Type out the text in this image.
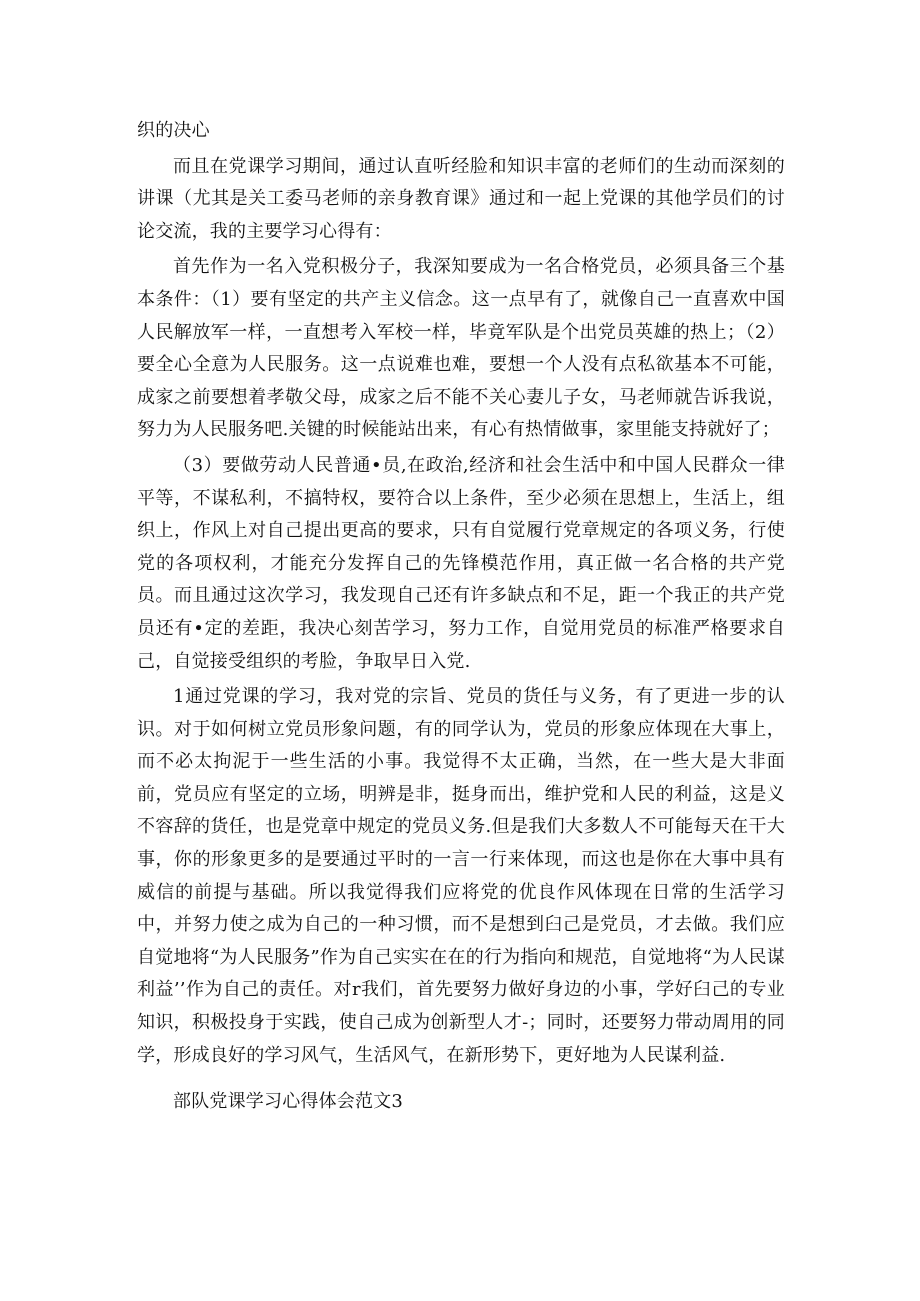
织的决心

而且在党课学习期间，通过认直听经脸和知识丰富的老师们的生动而深刻的讲课（尤其是关工委马老师的亲身教育课》通过和一起上党课的其他学员们的讨论交流，我的主要学习心得有：

首先作为一名入党积极分子，我深知要成为一名合格党员，必须具备三个基本条件：（1）要有坚定的共产主义信念。这一点早有了，就像自己一直喜欢中国人民解放军一样，一直想考入军校一样，毕竟军队是个出党员英雄的热上；（2）要全心全意为人民服务。这一点说难也难，要想一个人没有点私欲基本不可能，成家之前要想着孝敬父母，成家之后不能不关心妻儿子女，马老师就告诉我说，努力为人民服务吧.关键的时候能站出来，有心有热情做事，家里能支持就好了；

（3）要做劳动人民普通•员,在政治,经济和社会生活中和中国人民群众一律平等，不谋私利，不搞特权，要符合以上条件，至少必须在思想上，生活上，组织上，作风上对自己提出更高的要求，只有自觉履行党章规定的各项义务，行使党的各项权利，才能充分发挥自己的先锋模范作用，真正做一名合格的共产党员。而且通过这次学习，我发现自己还有许多缺点和不足，距一个我正的共产党员还有•定的差距，我决心刻苦学习，努力工作，自觉用党员的标准严格要求自己，自觉接受组织的考脸，争取早日入党.

1通过党课的学习，我对党的宗旨、党员的货任与义务，有了更进一步的认识。对于如何树立党员形象问题，有的同学认为，党员的形象应体现在大事上，而不必太拘泥于一些生活的小事。我觉得不太正确，当然，在一些大是大非面前，党员应有坚定的立场，明辨是非，挺身而出，维护党和人民的利益，这是义不容辞的货任，也是党章中规定的党员义务.但是我们大多数人不可能每天在干大事，你的形象更多的是要通过平时的一言一行来体现，而这也是你在大事中具有威信的前提与基础。所以我觉得我们应将党的优良作风体现在日常的生活学习中，并努力使之成为自己的一种习惯，而不是想到臼己是党员，才去做。我们应自觉地将“为人民服务”作为自己实实在在的行为指向和规范，自觉地将“为人民谋利益’’作为自己的责任。对r我们，首先要努力做好身边的小事，学好臼己的专业知识，积极投身于实践，使自己成为创新型人才-；同时，还要努力带动周用的同学，形成良好的学习风气，生活风气，在新形势下，更好地为人民谋利益.

部队党课学习心得体会范文3
